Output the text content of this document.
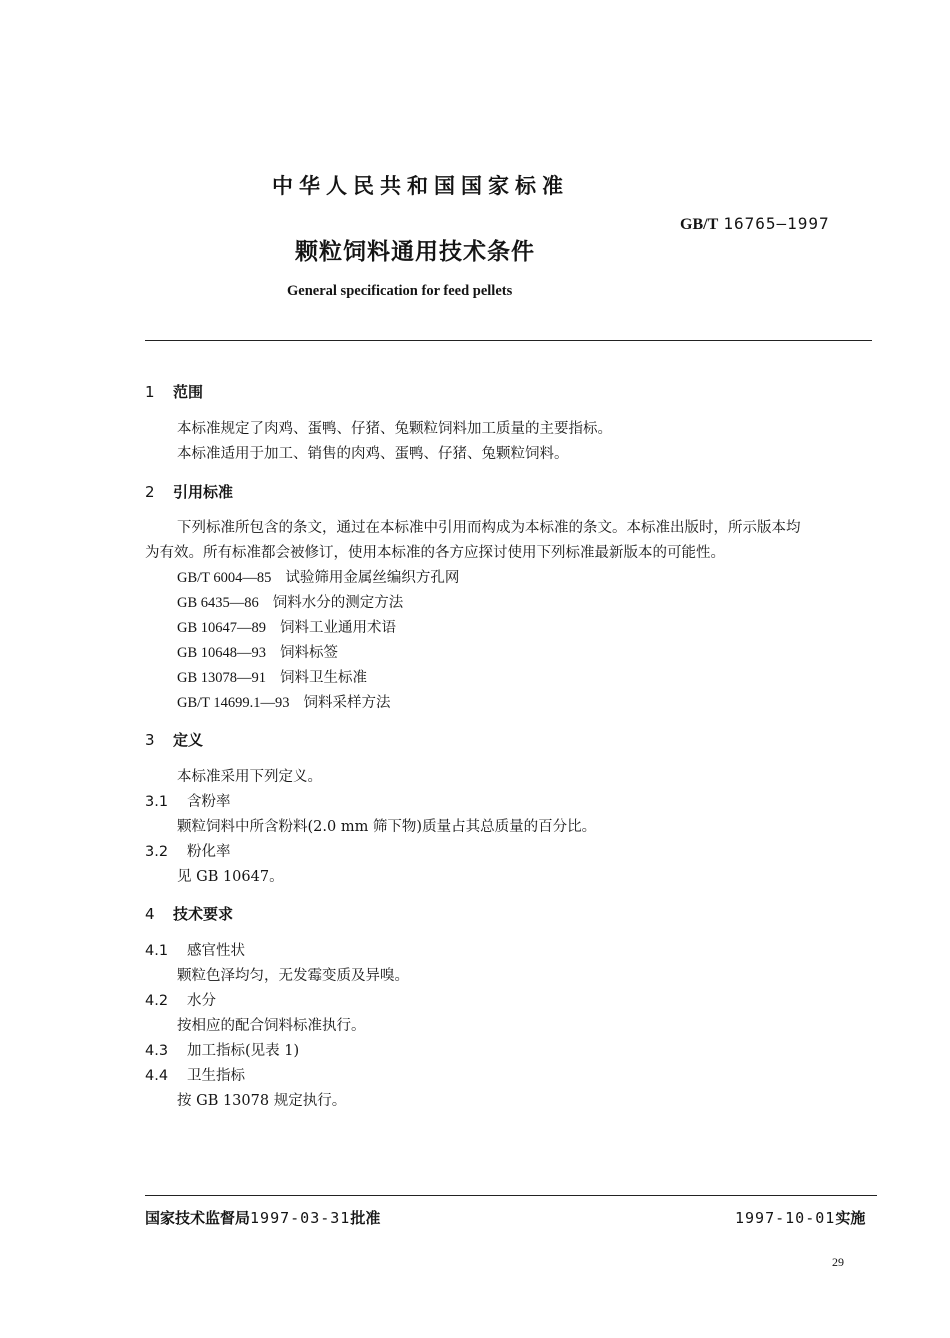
中华人民共和国国家标准
GB/T 16765—1997
颗粒饲料通用技术条件
General specification for feed pellets
1 范围
本标准规定了肉鸡、蛋鸭、仔猪、兔颗粒饲料加工质量的主要指标。
本标准适用于加工、销售的肉鸡、蛋鸭、仔猪、兔颗粒饲料。
2 引用标准
下列标准所包含的条文，通过在本标准中引用而构成为本标准的条文。本标准出版时，所示版本均
为有效。所有标准都会被修订，使用本标准的各方应探讨使用下列标准最新版本的可能性。
GB/T 6004—85 试验筛用金属丝编织方孔网
GB 6435—86 饲料水分的测定方法
GB 10647—89 饲料工业通用术语
GB 10648—93 饲料标签
GB 13078—91 饲料卫生标准
GB/T 14699.1—93 饲料采样方法
3 定义
本标准采用下列定义。
3.1 含粉率
颗粒饲料中所含粉料(2.0 mm 筛下物)质量占其总质量的百分比。
3.2 粉化率
见 GB 10647。
4 技术要求
4.1 感官性状
颗粒色泽均匀，无发霉变质及异嗅。
4.2 水分
按相应的配合饲料标准执行。
4.3 加工指标(见表 1)
4.4 卫生指标
按 GB 13078 规定执行。
国家技术监督局1997-03-31批准	1997-10-01实施
29
